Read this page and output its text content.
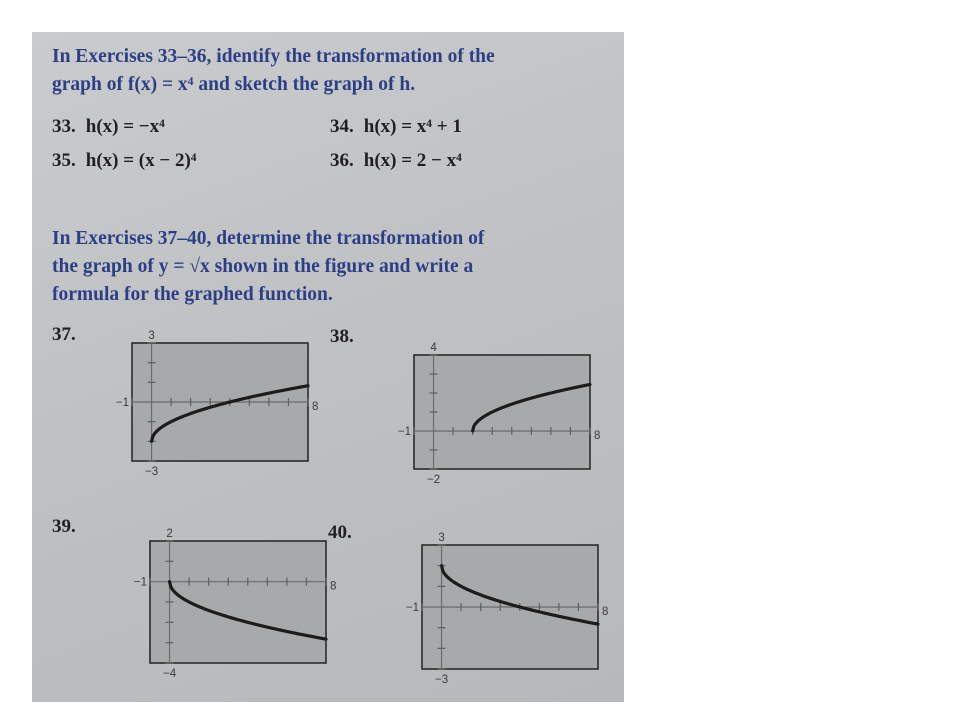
In Exercises 33–36, identify the transformation of the
graph of f(x) = x⁴ and sketch the graph of h.
33. h(x) = −x⁴	34. h(x) = x⁴ + 1
35. h(x) = (x − 2)⁴	36. h(x) = 2 − x⁴
In Exercises 37–40, determine the transformation of
the graph of y = √x shown in the figure and write a
formula for the graphed function.
37.	38.
39.	40.
3
−3
−1	8
4
−2
−1	8
2
−4
−1	8
3
−3
−1	8
